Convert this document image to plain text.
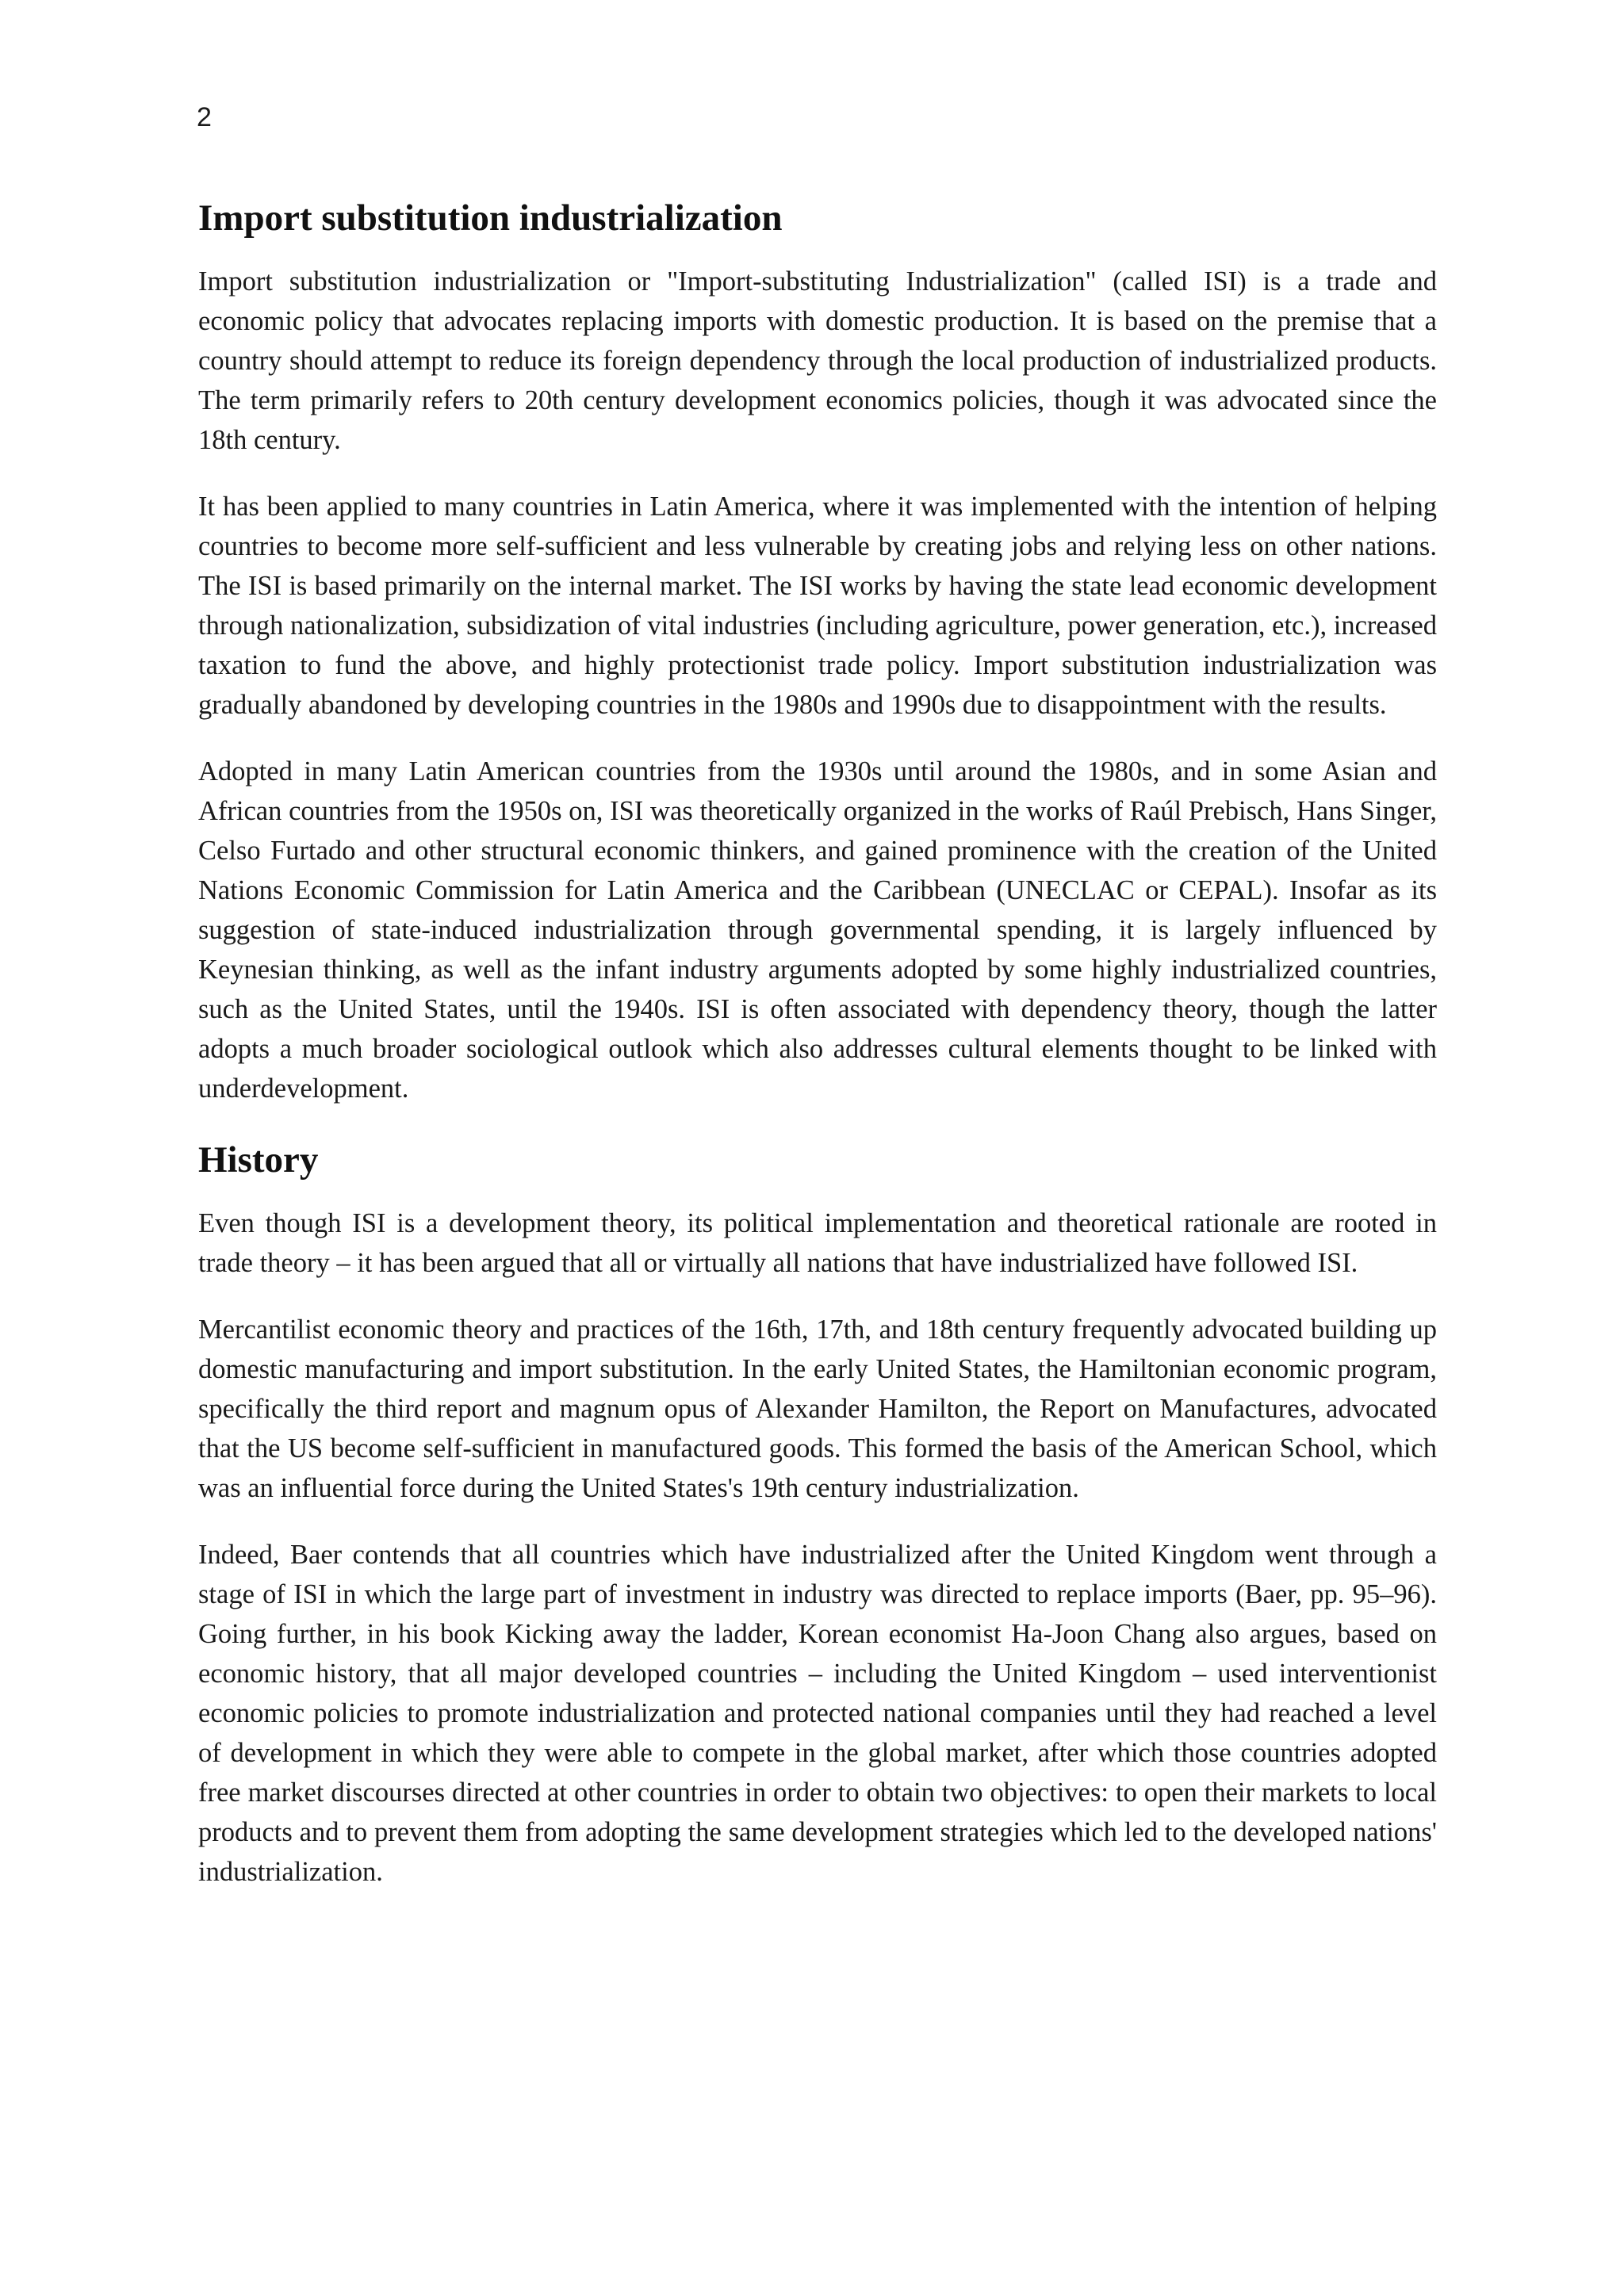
2
Import substitution industrialization

Import substitution industrialization or "Import-substituting Industrialization" (called ISI) is a trade and economic policy that advocates replacing imports with domestic production. It is based on the premise that a country should attempt to reduce its foreign dependency through the local production of industrialized products. The term primarily refers to 20th century development economics policies, though it was advocated since the 18th century.

It has been applied to many countries in Latin America, where it was implemented with the intention of helping countries to become more self-sufficient and less vulnerable by creating jobs and relying less on other nations. The ISI is based primarily on the internal market. The ISI works by having the state lead economic development through nationalization, subsidization of vital industries (including agriculture, power generation, etc.), increased taxation to fund the above, and highly protectionist trade policy. Import substitution industrialization was gradually abandoned by developing countries in the 1980s and 1990s due to disappointment with the results.

Adopted in many Latin American countries from the 1930s until around the 1980s, and in some Asian and African countries from the 1950s on, ISI was theoretically organized in the works of Raúl Prebisch, Hans Singer, Celso Furtado and other structural economic thinkers, and gained prominence with the creation of the United Nations Economic Commission for Latin America and the Caribbean (UNECLAC or CEPAL). Insofar as its suggestion of state-induced industrialization through governmental spending, it is largely influenced by Keynesian thinking, as well as the infant industry arguments adopted by some highly industrialized countries, such as the United States, until the 1940s. ISI is often associated with dependency theory, though the latter adopts a much broader sociological outlook which also addresses cultural elements thought to be linked with underdevelopment.

History

Even though ISI is a development theory, its political implementation and theoretical rationale are rooted in trade theory – it has been argued that all or virtually all nations that have industrialized have followed ISI.

Mercantilist economic theory and practices of the 16th, 17th, and 18th century frequently advocated building up domestic manufacturing and import substitution. In the early United States, the Hamiltonian economic program, specifically the third report and magnum opus of Alexander Hamilton, the Report on Manufactures, advocated that the US become self-sufficient in manufactured goods. This formed the basis of the American School, which was an influential force during the United States's 19th century industrialization.

Indeed, Baer contends that all countries which have industrialized after the United Kingdom went through a stage of ISI in which the large part of investment in industry was directed to replace imports (Baer, pp. 95–96). Going further, in his book Kicking away the ladder, Korean economist Ha-Joon Chang also argues, based on economic history, that all major developed countries – including the United Kingdom – used interventionist economic policies to promote industrialization and protected national companies until they had reached a level of development in which they were able to compete in the global market, after which those countries adopted free market discourses directed at other countries in order to obtain two objectives: to open their markets to local products and to prevent them from adopting the same development strategies which led to the developed nations' industrialization.
